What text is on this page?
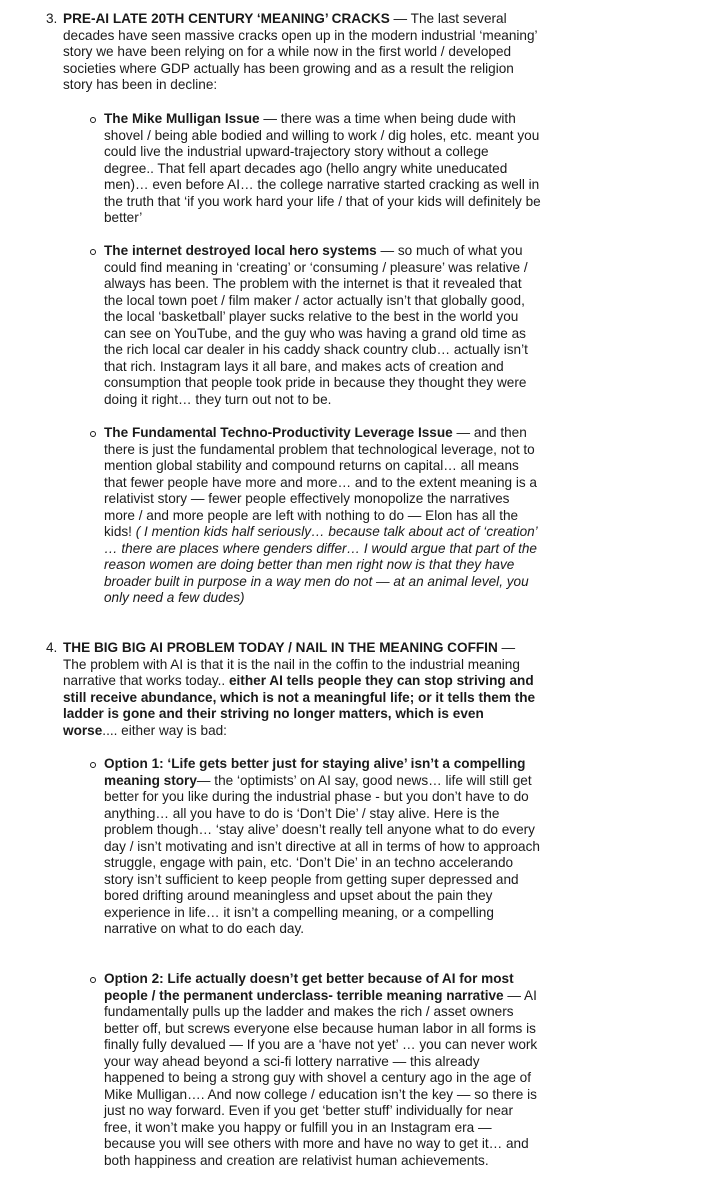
3. PRE-AI LATE 20TH CENTURY ‘MEANING’ CRACKS — The last several decades have seen massive cracks open up in the modern industrial ‘meaning’ story we have been relying on for a while now in the first world / developed societies where GDP actually has been growing and as a result the religion story has been in decline:

The Mike Mulligan Issue — there was a time when being dude with shovel / being able bodied and willing to work / dig holes, etc. meant you could live the industrial upward-trajectory story without a college degree.. That fell apart decades ago (hello angry white uneducated men)… even before AI… the college narrative started cracking as well in the truth that ‘if you work hard your life / that of your kids will definitely be better’

The internet destroyed local hero systems — so much of what you could find meaning in ‘creating’ or ‘consuming / pleasure’ was relative / always has been. The problem with the internet is that it revealed that the local town poet / film maker / actor actually isn’t that globally good, the local ‘basketball’ player sucks relative to the best in the world you can see on YouTube, and the guy who was having a grand old time as the rich local car dealer in his caddy shack country club… actually isn’t that rich. Instagram lays it all bare, and makes acts of creation and consumption that people took pride in because they thought they were doing it right… they turn out not to be.

The Fundamental Techno-Productivity Leverage Issue — and then there is just the fundamental problem that technological leverage, not to mention global stability and compound returns on capital… all means that fewer people have more and more… and to the extent meaning is a relativist story — fewer people effectively monopolize the narratives more / and more people are left with nothing to do — Elon has all the kids! ( I mention kids half seriously… because talk about act of ‘creation’ … there are places where genders differ… I would argue that part of the reason women are doing better than men right now is that they have broader built in purpose in a way men do not — at an animal level, you only need a few dudes)

4. THE BIG BIG AI PROBLEM TODAY / NAIL IN THE MEANING COFFIN — The problem with AI is that it is the nail in the coffin to the industrial meaning narrative that works today.. either AI tells people they can stop striving and still receive abundance, which is not a meaningful life; or it tells them the ladder is gone and their striving no longer matters, which is even worse.... either way is bad:

Option 1: ‘Life gets better just for staying alive’ isn’t a compelling meaning story— the ‘optimists’ on AI say, good news… life will still get better for you like during the industrial phase - but you don’t have to do anything… all you have to do is ‘Don’t Die’ / stay alive. Here is the problem though… ‘stay alive’ doesn’t really tell anyone what to do every day / isn’t motivating and isn’t directive at all in terms of how to approach struggle, engage with pain, etc. ‘Don’t Die’ in an techno accelerando story isn’t sufficient to keep people from getting super depressed and bored drifting around meaningless and upset about the pain they experience in life… it isn’t a compelling meaning, or a compelling narrative on what to do each day.

Option 2: Life actually doesn’t get better because of AI for most people / the permanent underclass- terrible meaning narrative — AI fundamentally pulls up the ladder and makes the rich / asset owners better off, but screws everyone else because human labor in all forms is finally fully devalued — If you are a ‘have not yet’ … you can never work your way ahead beyond a sci-fi lottery narrative — this already happened to being a strong guy with shovel a century ago in the age of Mike Mulligan…. And now college / education isn’t the key — so there is just no way forward. Even if you get ‘better stuff’ individually for near free, it won’t make you happy or fulfill you in an Instagram era — because you will see others with more and have no way to get it… and both happiness and creation are relativist human achievements.
